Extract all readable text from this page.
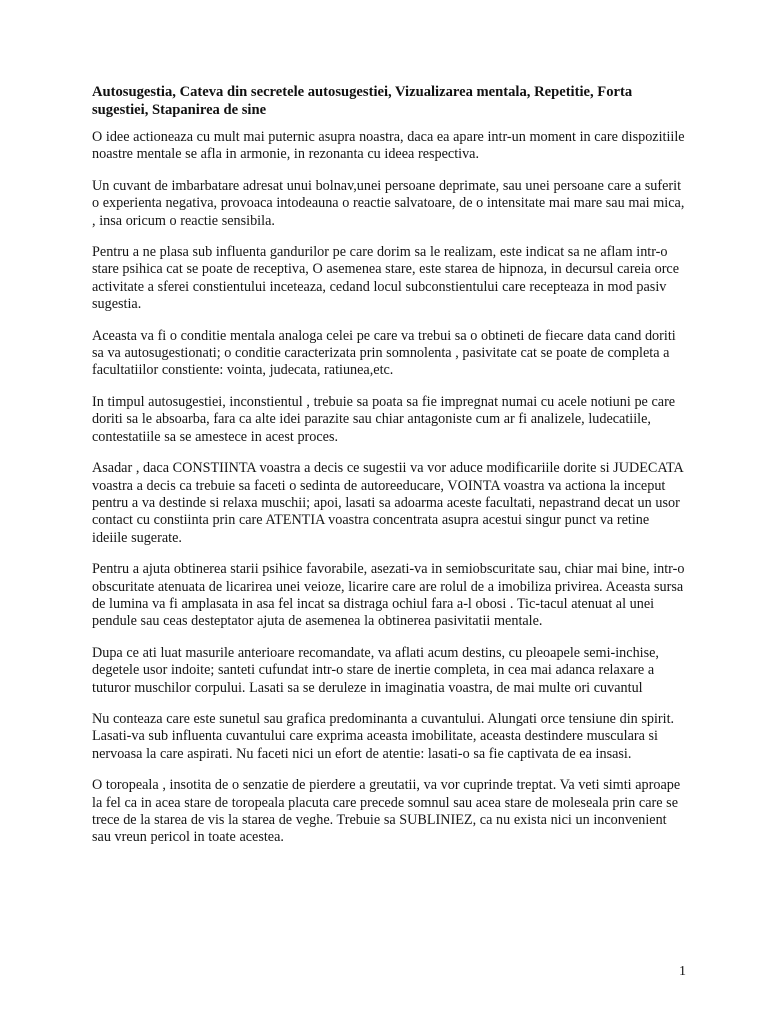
Autosugestia, Cateva din secretele autosugestiei, Vizualizarea mentala, Repetitie, Forta sugestiei, Stapanirea de sine

O idee actioneaza cu mult mai puternic asupra noastra, daca ea apare intr-un moment in care dispozitiile noastre mentale se afla in armonie, in rezonanta cu ideea respectiva.

Un cuvant de imbarbatare adresat unui bolnav,unei persoane deprimate, sau unei persoane care a suferit o experienta negativa, provoaca intodeauna o reactie salvatoare, de o intensitate mai mare sau mai mica, , insa oricum o reactie sensibila.

Pentru a ne plasa sub influenta gandurilor pe care dorim sa le realizam, este indicat sa ne aflam intr-o stare psihica cat se poate de receptiva, O asemenea stare, este starea de hipnoza, in decursul careia orce activitate a sferei constientului inceteaza, cedand locul subconstientului care recepteaza in mod pasiv sugestia.

Aceasta va fi o conditie mentala analoga celei pe care va trebui sa o obtineti de fiecare data cand doriti sa va autosugestionati; o conditie caracterizata prin somnolenta , pasivitate cat se poate de completa a facultatiilor constiente: vointa, judecata, ratiunea,etc.

In timpul autosugestiei, inconstientul , trebuie sa poata sa fie impregnat numai cu acele notiuni pe care doriti sa le absoarba, fara ca alte idei parazite sau chiar antagoniste cum ar fi analizele, ludecatiile, contestatiile sa se amestece in acest proces.

Asadar , daca CONSTIINTA voastra a decis ce sugestii va vor aduce modificariile dorite si JUDECATA voastra a decis ca trebuie sa faceti o sedinta de autoreeducare, VOINTA voastra va actiona la inceput pentru a va destinde si relaxa muschii; apoi, lasati sa adoarma aceste facultati, nepastrand decat un usor contact cu constiinta prin care ATENTIA voastra concentrata asupra acestui singur punct va retine ideiile sugerate.

Pentru a ajuta obtinerea starii psihice favorabile, asezati-va in semiobscuritate sau, chiar mai bine, intr-o obscuritate atenuata de licarirea unei veioze, licarire care are rolul de a imobiliza privirea. Aceasta sursa de lumina va fi amplasata in asa fel incat sa distraga ochiul fara a-l obosi . Tic-tacul atenuat al unei pendule sau ceas desteptator ajuta de asemenea la obtinerea pasivitatii mentale.

Dupa ce ati luat masurile anterioare recomandate, va aflati acum destins, cu pleoapele semi-inchise, degetele usor indoite; santeti cufundat intr-o stare de inertie completa, in cea mai adanca relaxare a tuturor muschilor corpului. Lasati sa se deruleze in imaginatia voastra, de mai multe ori cuvantul

Nu conteaza care este sunetul sau grafica predominanta a cuvantului. Alungati orce tensiune din spirit. Lasati-va sub influenta cuvantului care exprima aceasta imobilitate, aceasta destindere musculara si nervoasa la care aspirati. Nu faceti nici un efort de atentie: lasati-o sa fie captivata de ea insasi.

O toropeala , insotita de o senzatie de pierdere a greutatii, va vor cuprinde treptat. Va veti simti aproape la fel ca in acea stare de toropeala placuta care precede somnul sau acea stare de moleseala prin care se trece de la starea de vis la starea de veghe. Trebuie sa SUBLINIEZ, ca nu exista nici un inconvenient sau vreun pericol in toate acestea.

1
